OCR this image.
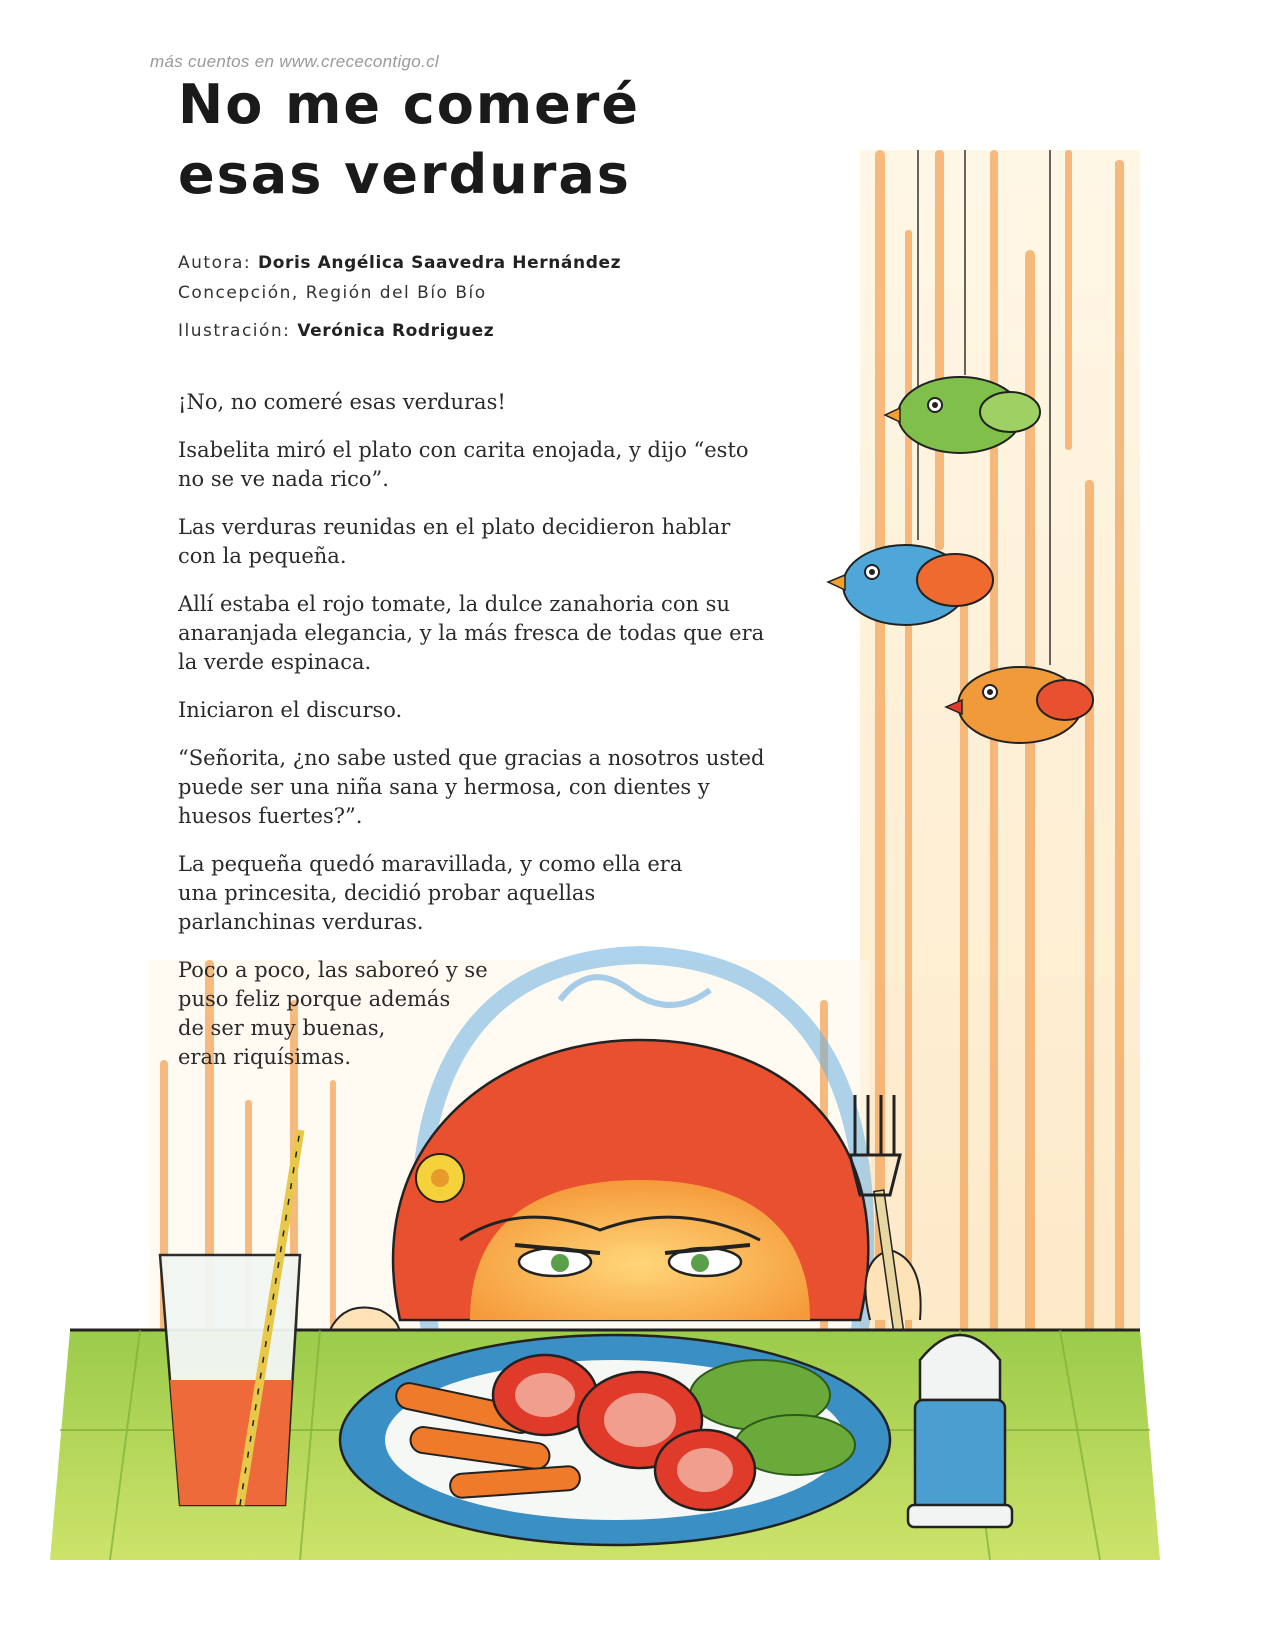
más cuentos en www.crececontigo.cl
No me comeré
esas verduras
Autora: Doris Angélica Saavedra Hernández
Concepción, Región del Bío Bío
Ilustración: Verónica Rodriguez

¡No, no comeré esas verduras!

Isabelita miró el plato con carita enojada, y dijo “esto
no se ve nada rico”.

Las verduras reunidas en el plato decidieron hablar
con la pequeña.

Allí estaba el rojo tomate, la dulce zanahoria con su
anaranjada elegancia, y la más fresca de todas que era
la verde espinaca.

Iniciaron el discurso.

“Señorita, ¿no sabe usted que gracias a nosotros usted
puede ser una niña sana y hermosa, con dientes y
huesos fuertes?”.

La pequeña quedó maravillada, y como ella era
una princesita, decidió probar aquellas
parlanchinas verduras.

Poco a poco, las saboreó y se
puso feliz porque además
de ser muy buenas,
eran riquísimas.
